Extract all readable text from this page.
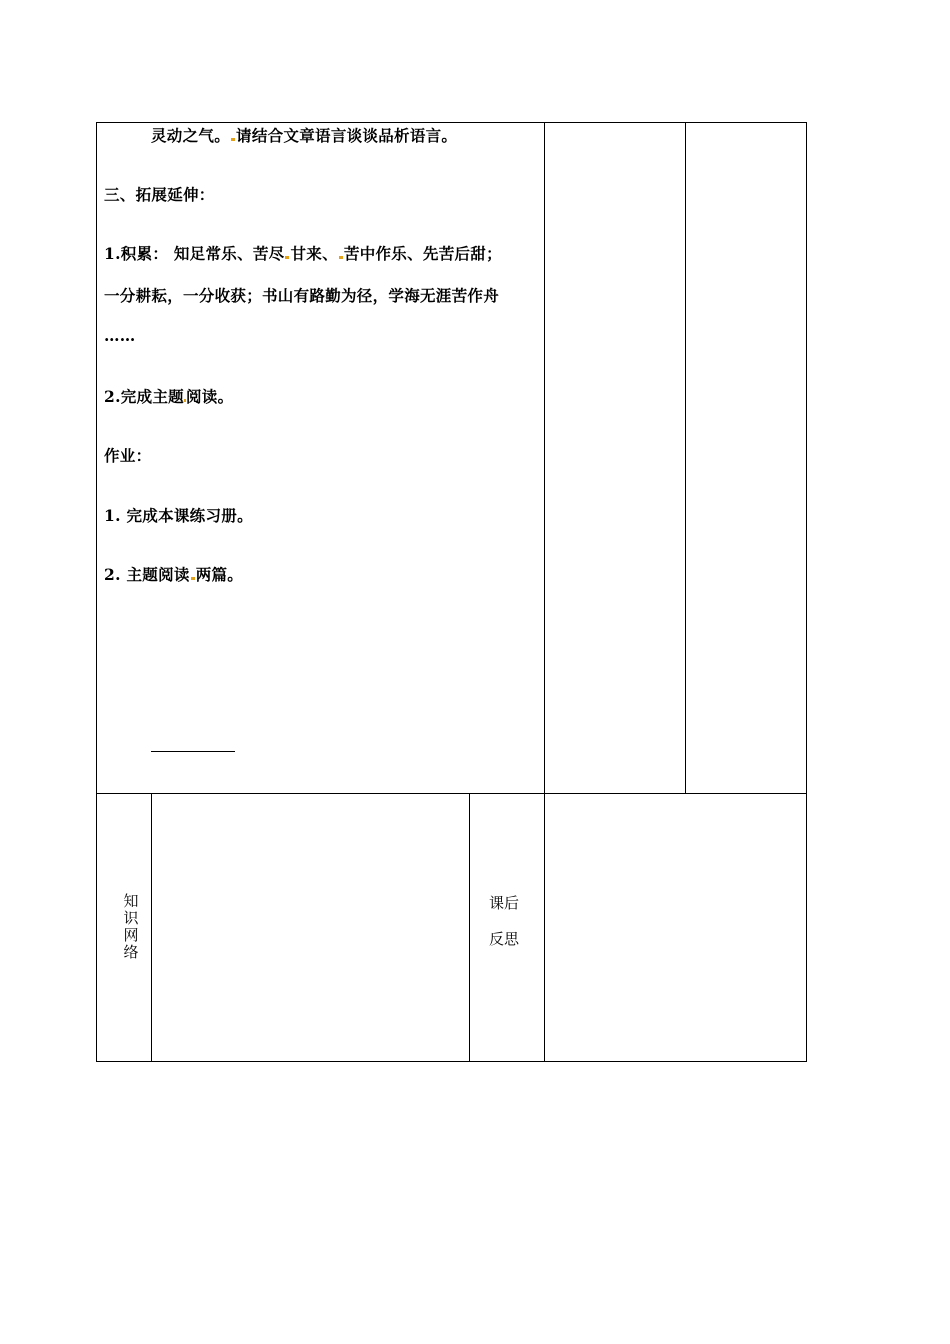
灵动之气。 请结合文章语言谈谈品析语言。
三、拓展延伸：
1.积累： 知足常乐、苦尽 甘来、 苦中作乐、先苦后甜；
一分耕耘，一分收获；书山有路勤为径，学海无涯苦作舟
……
2.完成主题 阅读。
作业：
1. 完成本课练习册。
2. 主题阅读 两篇。
知
识
网
络
课后
反思
